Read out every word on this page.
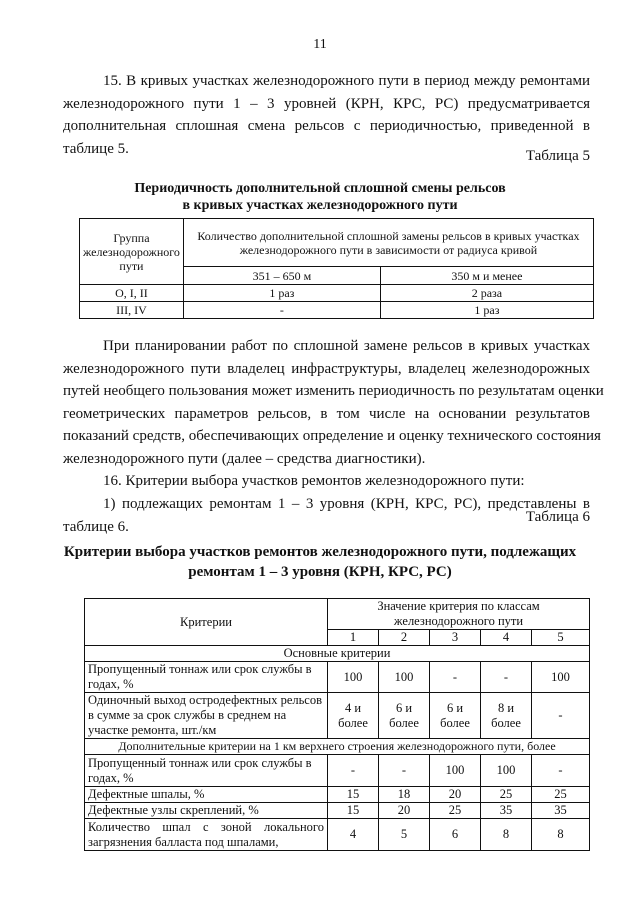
11
15. В кривых участках железнодорожного пути в период между ремонтами
железнодорожного пути 1 – 3 уровней (КРН, КРС, РС) предусматривается
дополнительная сплошная смена рельсов с периодичностью, приведенной в
таблице 5.	Таблица 5
Периодичность дополнительной сплошной смены рельсов
в кривых участках железнодорожного пути
Группа железнодорожного пути	Количество дополнительной сплошной замены рельсов в кривых участках железнодорожного пути в зависимости от радиуса кривой	
	351 – 650 м	350 м и менее
О, I, II	1 раз	2 раза
III, IV	-	1 раз
При планировании работ по сплошной замене рельсов в кривых участках
железнодорожного пути владелец инфраструктуры, владелец железнодорожных
путей необщего пользования может изменить периодичность по результатам оценки
геометрических параметров рельсов, в том числе на основании результатов
показаний средств, обеспечивающих определение и оценку технического состояния
железнодорожного пути (далее – средства диагностики).
16. Критерии выбора участков ремонтов железнодорожного пути:
1) подлежащих ремонтам 1 – 3 уровня (КРН, КРС, РС), представлены в
таблице 6.
Таблица 6
Критерии выбора участков ремонтов железнодорожного пути, подлежащих
ремонтам 1 – 3 уровня (КРН, КРС, РС)
Критерии	Значение критерия по классам железнодорожного пути				
	1	2	3	4	5
Основные критерии					
Пропущенный тоннаж или срок службы в годах, %	100	100	-	-	100
Одиночный выход остродефектных рельсов в сумме за срок службы в среднем на участке ремонта, шт./км	4 и более	6 и более	6 и более	8 и более	-
Дополнительные критерии на 1 км верхнего строения железнодорожного пути, более					
Пропущенный тоннаж или срок службы в годах, %	-	-	100	100	-
Дефектные шпалы, %	15	18	20	25	25
Дефектные узлы скреплений, %	15	20	25	35	35
Количество шпал с зоной локального загрязнения балласта под шпалами,	4	5	6	8	8
